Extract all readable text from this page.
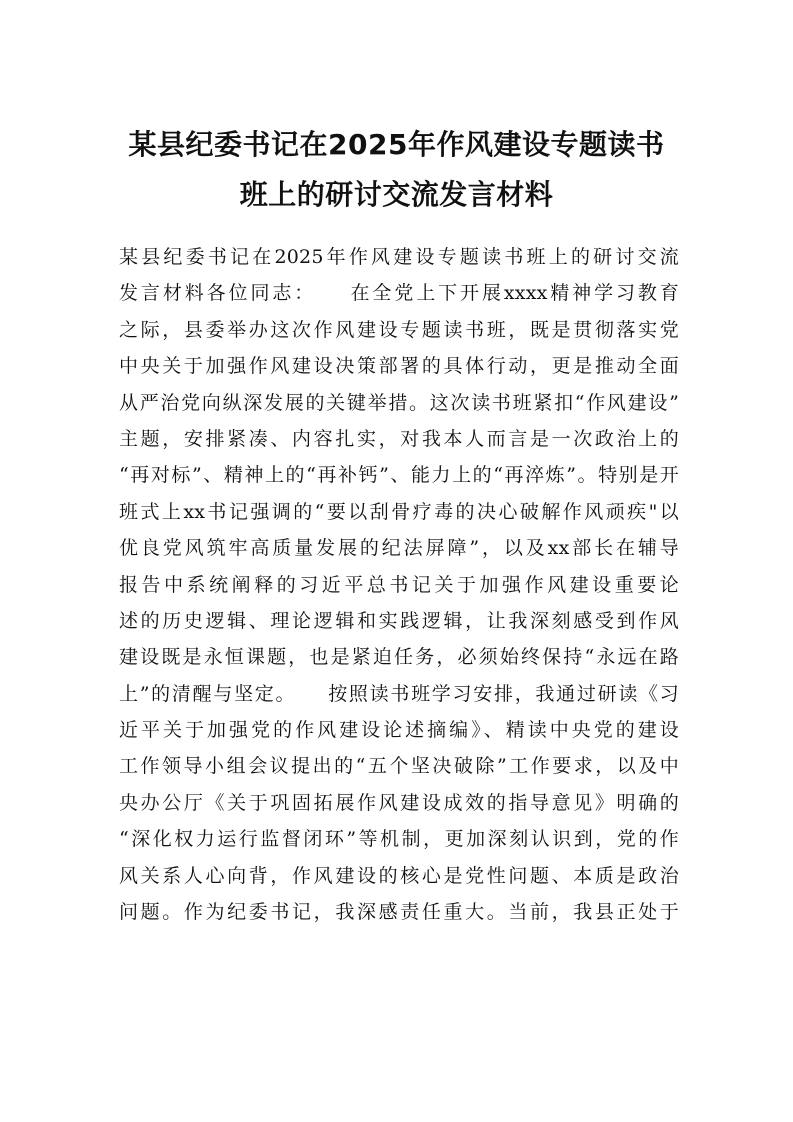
某县纪委书记在2025年作风建设专题读书
班上的研讨交流发言材料
某县纪委书记在2025年作风建设专题读书班上的研讨交流
发言材料各位同志：　　在全党上下开展xxxx精神学习教育
之际，县委举办这次作风建设专题读书班，既是贯彻落实党
中央关于加强作风建设决策部署的具体行动，更是推动全面
从严治党向纵深发展的关键举措。这次读书班紧扣“作风建设”
主题，安排紧凑、内容扎实，对我本人而言是一次政治上的
“再对标”、精神上的“再补钙”、能力上的“再淬炼”。特别是开
班式上xx书记强调的“要以刮骨疗毒的决心破解作风顽疾"以
优良党风筑牢高质量发展的纪法屏障”，以及xx部长在辅导
报告中系统阐释的习近平总书记关于加强作风建设重要论
述的历史逻辑、理论逻辑和实践逻辑，让我深刻感受到作风
建设既是永恒课题，也是紧迫任务，必须始终保持“永远在路
上”的清醒与坚定。　　按照读书班学习安排，我通过研读《习
近平关于加强党的作风建设论述摘编》、精读中央党的建设
工作领导小组会议提出的“五个坚决破除”工作要求，以及中
央办公厅《关于巩固拓展作风建设成效的指导意见》明确的
“深化权力运行监督闭环”等机制，更加深刻认识到，党的作
风关系人心向背，作风建设的核心是党性问题、本质是政治
问题。作为纪委书记，我深感责任重大。当前，我县正处于
